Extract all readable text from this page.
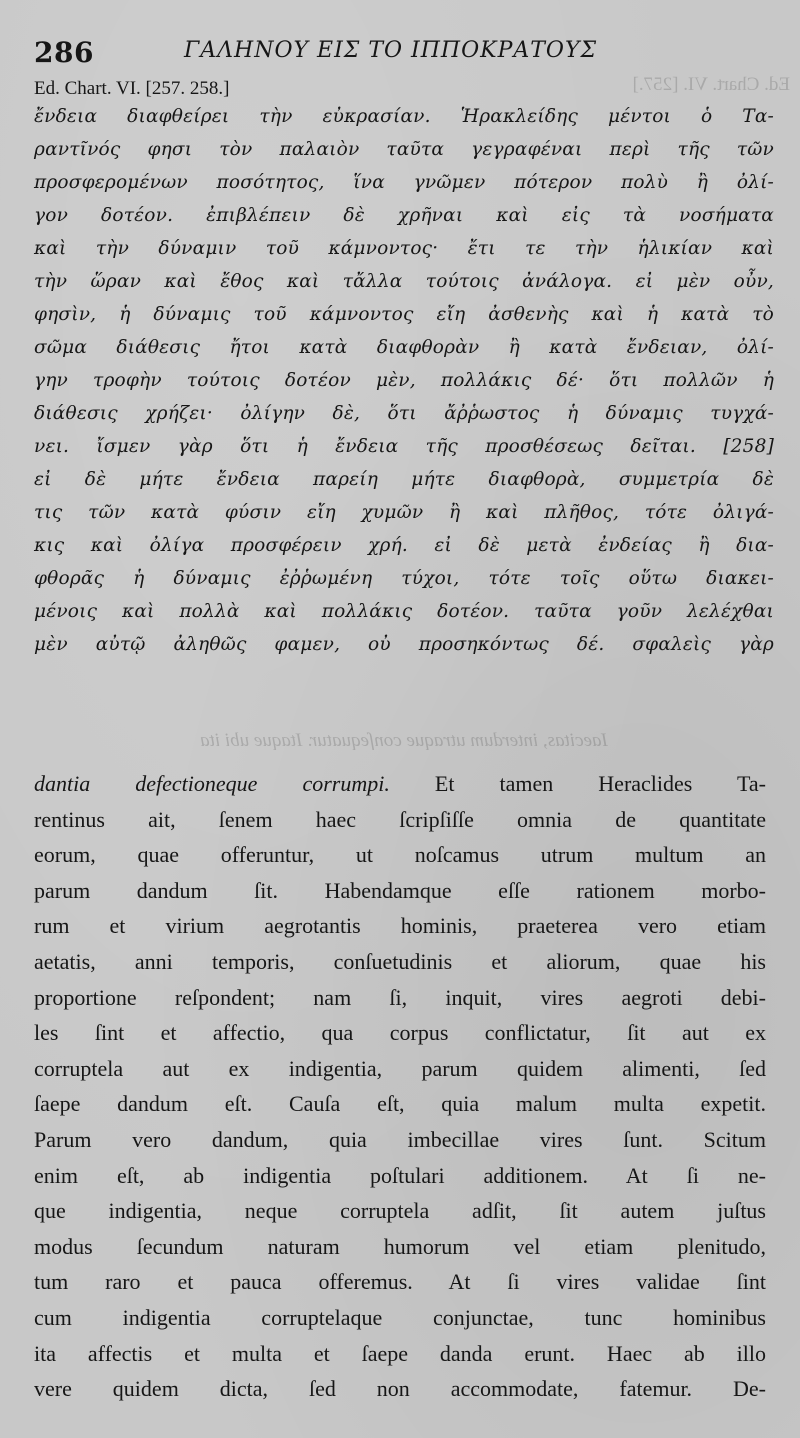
286	ΓΑΛΗΝΟΥ ΕΙΣ ΤΟ ΙΠΠΟΚΡΑΤΟΥΣ
Ed. Chart. VI. [257. 258.]	Ed. Chart. VI. [257.]
ἔνδεια διαφθείρει τὴν εὐκρασίαν. Ἡρακλείδης μέντοι ὁ Τα-
ραντῖνός φησι τὸν παλαιὸν ταῦτα γεγραφέναι περὶ τῆς τῶν
προσφερομένων ποσότητος, ἵνα γνῶμεν πότερον πολὺ ἢ ὀλί-
γον δοτέον. ἐπιβλέπειν δὲ χρῆναι καὶ εἰς τὰ νοσήματα
καὶ τὴν δύναμιν τοῦ κάμνοντος· ἔτι τε τὴν ἡλικίαν καὶ
τὴν ὥραν καὶ ἔθος καὶ τἄλλα τούτοις ἀνάλογα. εἰ μὲν οὖν,
φησὶν, ἡ δύναμις τοῦ κάμνοντος εἴη ἀσθενὴς καὶ ἡ κατὰ τὸ
σῶμα διάθεσις ἤτοι κατὰ διαφθορὰν ἢ κατὰ ἔνδειαν, ὀλί-
γην τροφὴν τούτοις δοτέον μὲν, πολλάκις δέ· ὅτι πολλῶν ἡ
διάθεσις χρήζει· ὀλίγην δὲ, ὅτι ἄῤῥωστος ἡ δύναμις τυγχά-
νει. ἴσμεν γὰρ ὅτι ἡ ἔνδεια τῆς προσθέσεως δεῖται. [258]
εἰ δὲ μήτε ἔνδεια παρείη μήτε διαφθορὰ, συμμετρία δὲ
τις τῶν κατὰ φύσιν εἴη χυμῶν ἢ καὶ πλῆθος, τότε ὀλιγά-
κις καὶ ὀλίγα προσφέρειν χρή. εἰ δὲ μετὰ ἐνδείας ἢ δια-
φθορᾶς ἡ δύναμις ἐῤῥωμένη τύχοι, τότε τοῖς οὕτω διακει-
μένοις καὶ πολλὰ καὶ πολλάκις δοτέον. ταῦτα γοῦν λελέχθαι
μὲν αὐτῷ ἀληθῶς φαμεν, οὐ προσηκόντως δέ. σφαλεὶς γὰρ
Iaecitas, interdum utraque conſequatur. Itaque ubi ita
dantia defectioneque corrumpi. Et tamen Heraclides Ta-
rentinus ait, ſenem haec ſcripſiſſe omnia de quantitate
eorum, quae offeruntur, ut noſcamus utrum multum an
parum dandum ſit. Habendamque eſſe rationem morbo-
rum et virium aegrotantis hominis, praeterea vero etiam
aetatis, anni temporis, conſuetudinis et aliorum, quae his
proportione reſpondent; nam ſi, inquit, vires aegroti debi-
les ſint et affectio, qua corpus conflictatur, ſit aut ex
corruptela aut ex indigentia, parum quidem alimenti, ſed
ſaepe dandum eſt. Cauſa eſt, quia malum multa expetit.
Parum vero dandum, quia imbecillae vires ſunt. Scitum
enim eſt, ab indigentia poſtulari additionem. At ſi ne-
que indigentia, neque corruptela adſit, ſit autem juſtus
modus ſecundum naturam humorum vel etiam plenitudo,
tum raro et pauca offeremus. At ſi vires validae ſint
cum indigentia corruptelaque conjunctae, tunc hominibus
ita affectis et multa et ſaepe danda erunt. Haec ab illo
vere quidem dicta, ſed non accommodate, fatemur. De-
